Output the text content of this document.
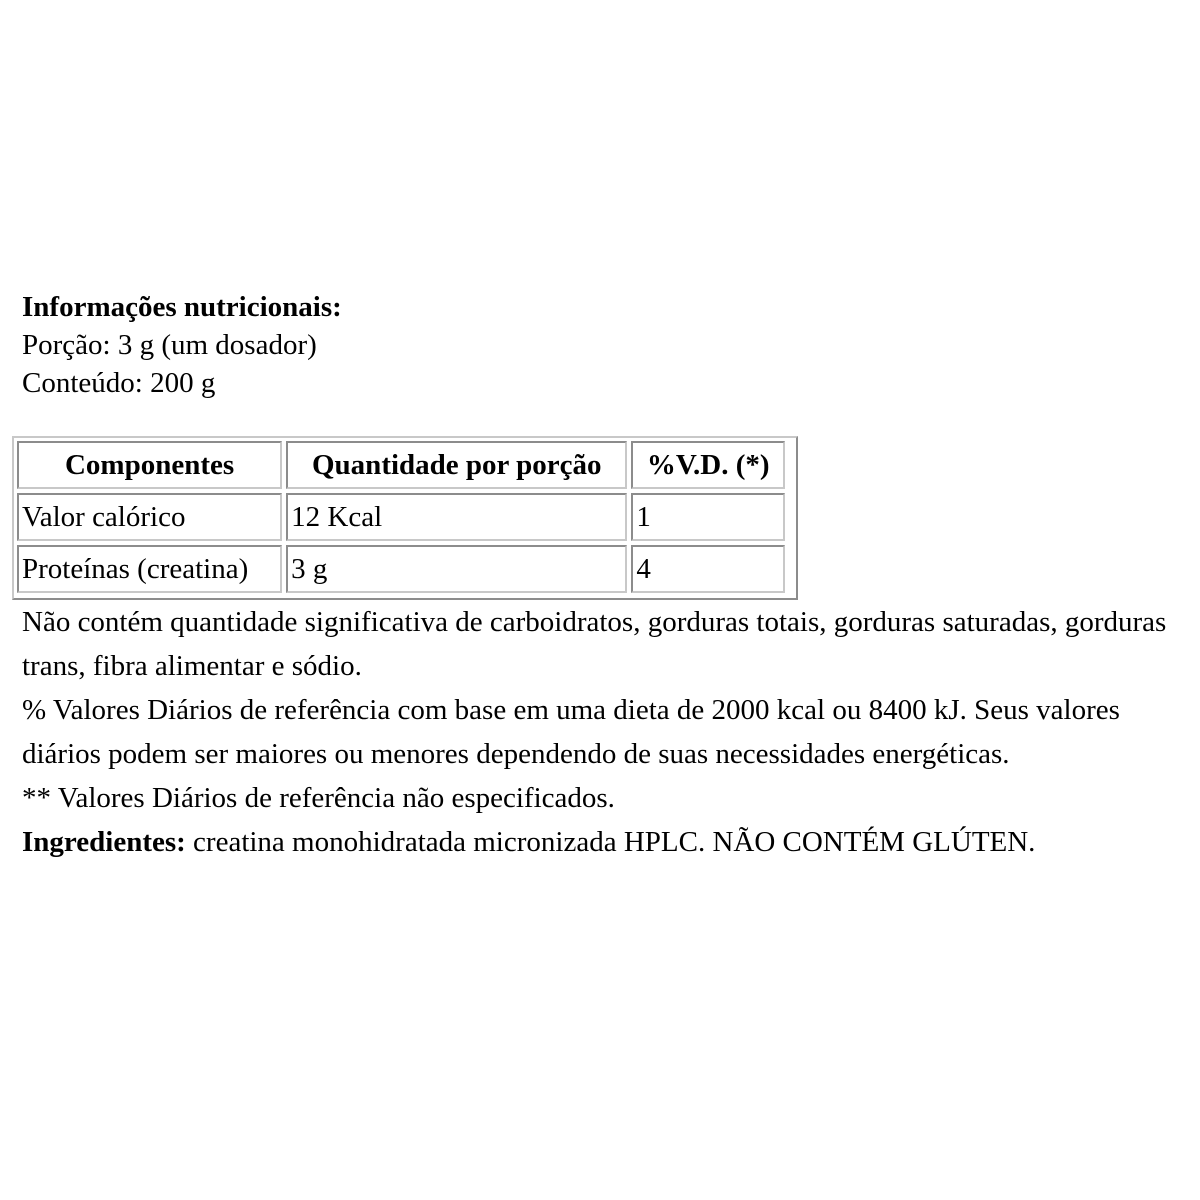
Informações nutricionais:

Porção: 3 g (um dosador)

Conteúdo: 200 g

Componentes	Quantidade por porção	%V.D. (*)
Valor calórico	12 Kcal	1
Proteínas (creatina)	3 g	4

Não contém quantidade significativa de carboidratos, gorduras totais, gorduras saturadas, gorduras trans, fibra alimentar e sódio.

% Valores Diários de referência com base em uma dieta de 2000 kcal ou 8400 kJ. Seus valores diários podem ser maiores ou menores dependendo de suas necessidades energéticas.

** Valores Diários de referência não especificados.

Ingredientes: creatina monohidratada micronizada HPLC. NÃO CONTÉM GLÚTEN.
